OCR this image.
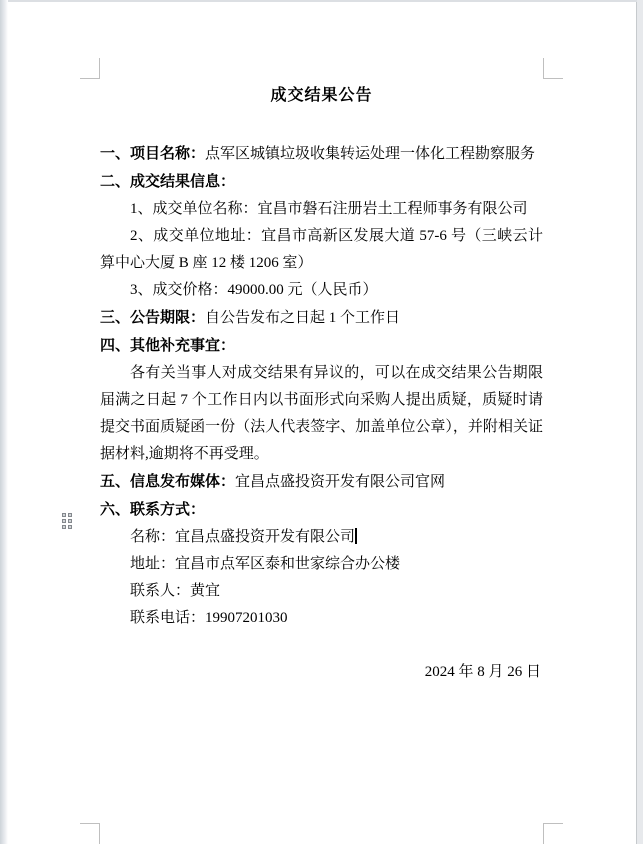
成交结果公告

一、项目名称：点军区城镇垃圾收集转运处理一体化工程勘察服务

二、成交结果信息：

1、成交单位名称：宜昌市磐石注册岩土工程师事务有限公司

2、成交单位地址：宜昌市高新区发展大道 57-6 号（三峡云计算中心大厦 B 座 12 楼 1206 室）

3、成交价格：49000.00 元（人民币）

三、公告期限：自公告发布之日起 1 个工作日

四、其他补充事宜：

各有关当事人对成交结果有异议的，可以在成交结果公告期限届满之日起 7 个工作日内以书面形式向采购人提出质疑，质疑时请提交书面质疑函一份（法人代表签字、加盖单位公章），并附相关证据材料,逾期将不再受理。

五、信息发布媒体：宜昌点盛投资开发有限公司官网

六、联系方式：

名称：宜昌点盛投资开发有限公司

地址：宜昌市点军区泰和世家综合办公楼

联系人：黄宜

联系电话：19907201030

2024 年 8 月 26 日
